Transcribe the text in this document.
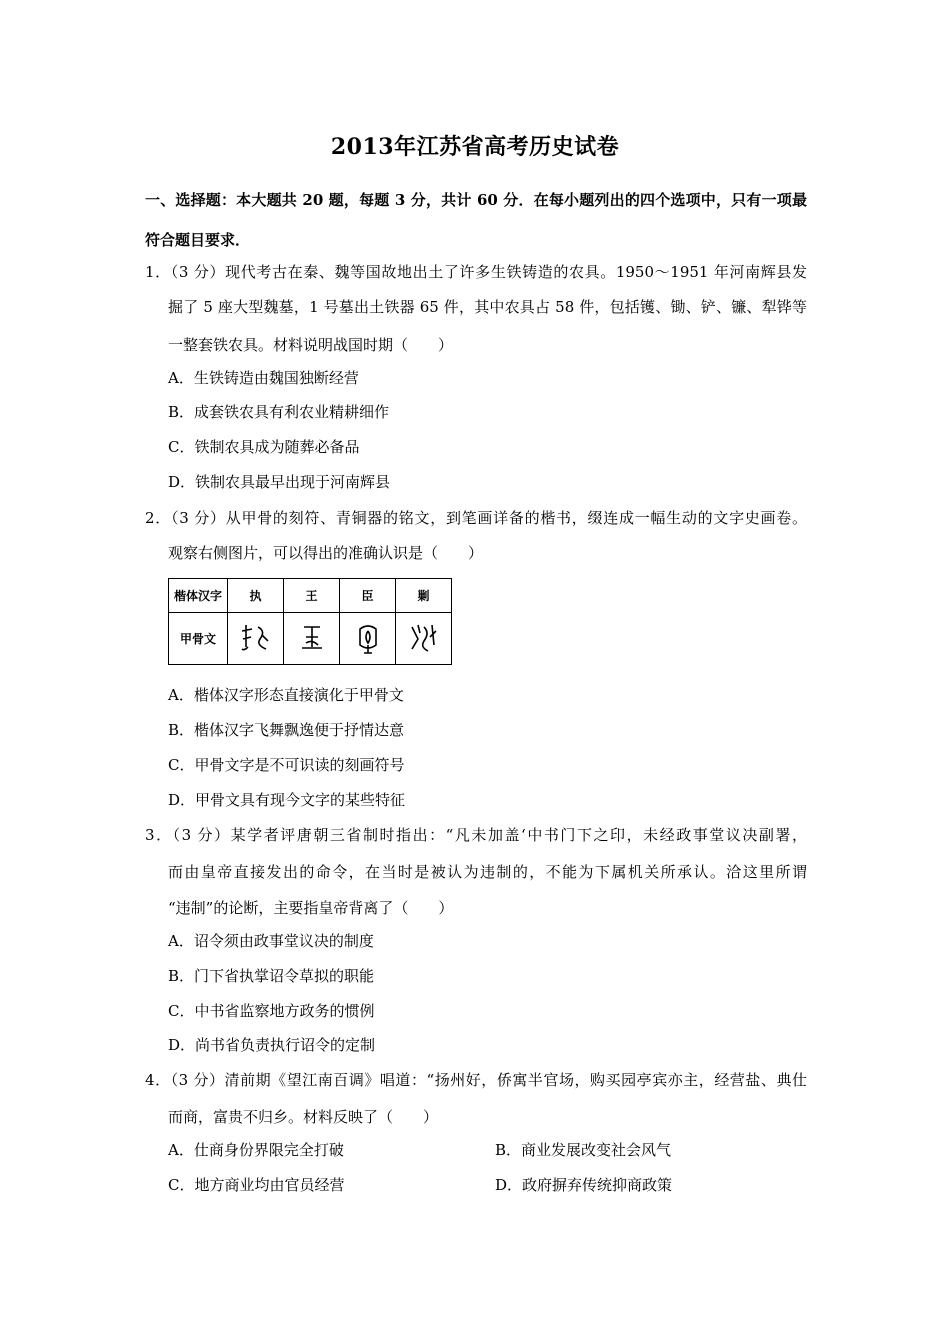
2013年江苏省高考历史试卷
一、选择题：本大题共 20 题，每题 3 分，共计 60 分．在每小题列出的四个选项中，只有一项最
符合题目要求．
1．（3 分）现代考古在秦、魏等国故地出土了许多生铁铸造的农具。1950～1951 年河南辉县发
掘了 5 座大型魏墓，1 号墓出土铁器 65 件，其中农具占 58 件，包括镬、锄、铲、镰、犁铧等
一整套铁农具。材料说明战国时期（　　）
A．生铁铸造由魏国独断经营
B．成套铁农具有利农业精耕细作
C．铁制农具成为随葬必备品
D．铁制农具最早出现于河南辉县
2．（3 分）从甲骨的刻符、青铜器的铭文，到笔画详备的楷书，缀连成一幅生动的文字史画卷。
观察右侧图片，可以得出的准确认识是（　　）
楷体汉字	执	王	臣	剿
甲骨文				
A．楷体汉字形态直接演化于甲骨文
B．楷体汉字飞舞飘逸便于抒情达意
C．甲骨文字是不可识读的刻画符号
D．甲骨文具有现今文字的某些特征
3．（3 分）某学者评唐朝三省制时指出：“凡未加盖‘中书门下之印，未经政事堂议决副署，
而由皇帝直接发出的命令，在当时是被认为违制的，不能为下属机关所承认。洽这里所谓
“违制”的论断，主要指皇帝背离了（　　）
A．诏令须由政事堂议决的制度
B．门下省执掌诏令草拟的职能
C．中书省监察地方政务的惯例
D．尚书省负责执行诏令的定制
4．（3 分）清前期《望江南百调》唱道：“扬州好，侨寓半官场，购买园亭宾亦主，经营盐、典仕
而商，富贵不归乡。材料反映了（　　）
A．仕商身份界限完全打破	B．商业发展改变社会风气
C．地方商业均由官员经营	D．政府摒弃传统抑商政策
